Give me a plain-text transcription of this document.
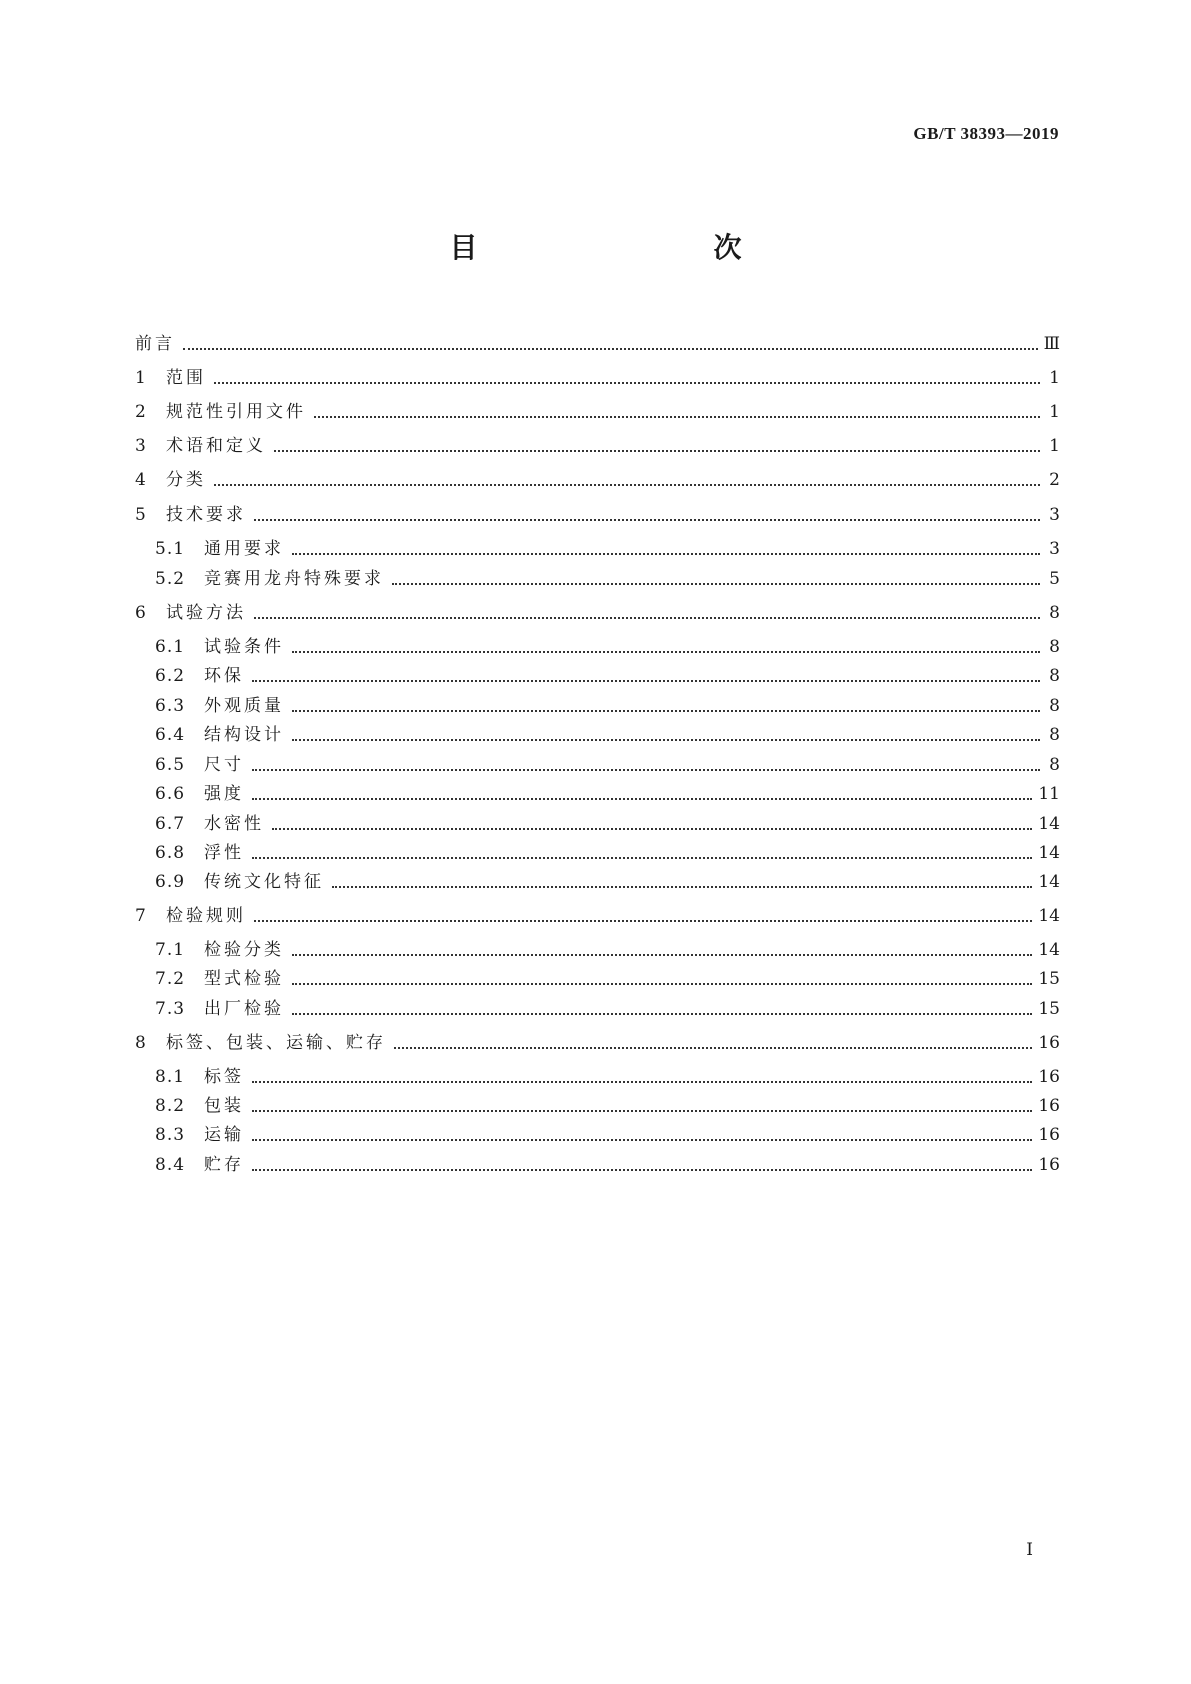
GB/T 38393—2019
目　　次
前言	Ⅲ
1	范围	1
2	规范性引用文件	1
3	术语和定义	1
4	分类	2
5	技术要求	3
5.1	通用要求	3
5.2	竞赛用龙舟特殊要求	5
6	试验方法	8
6.1	试验条件	8
6.2	环保	8
6.3	外观质量	8
6.4	结构设计	8
6.5	尺寸	8
6.6	强度	11
6.7	水密性	14
6.8	浮性	14
6.9	传统文化特征	14
7	检验规则	14
7.1	检验分类	14
7.2	型式检验	15
7.3	出厂检验	15
8	标签、包装、运输、贮存	16
8.1	标签	16
8.2	包装	16
8.3	运输	16
8.4	贮存	16
I
